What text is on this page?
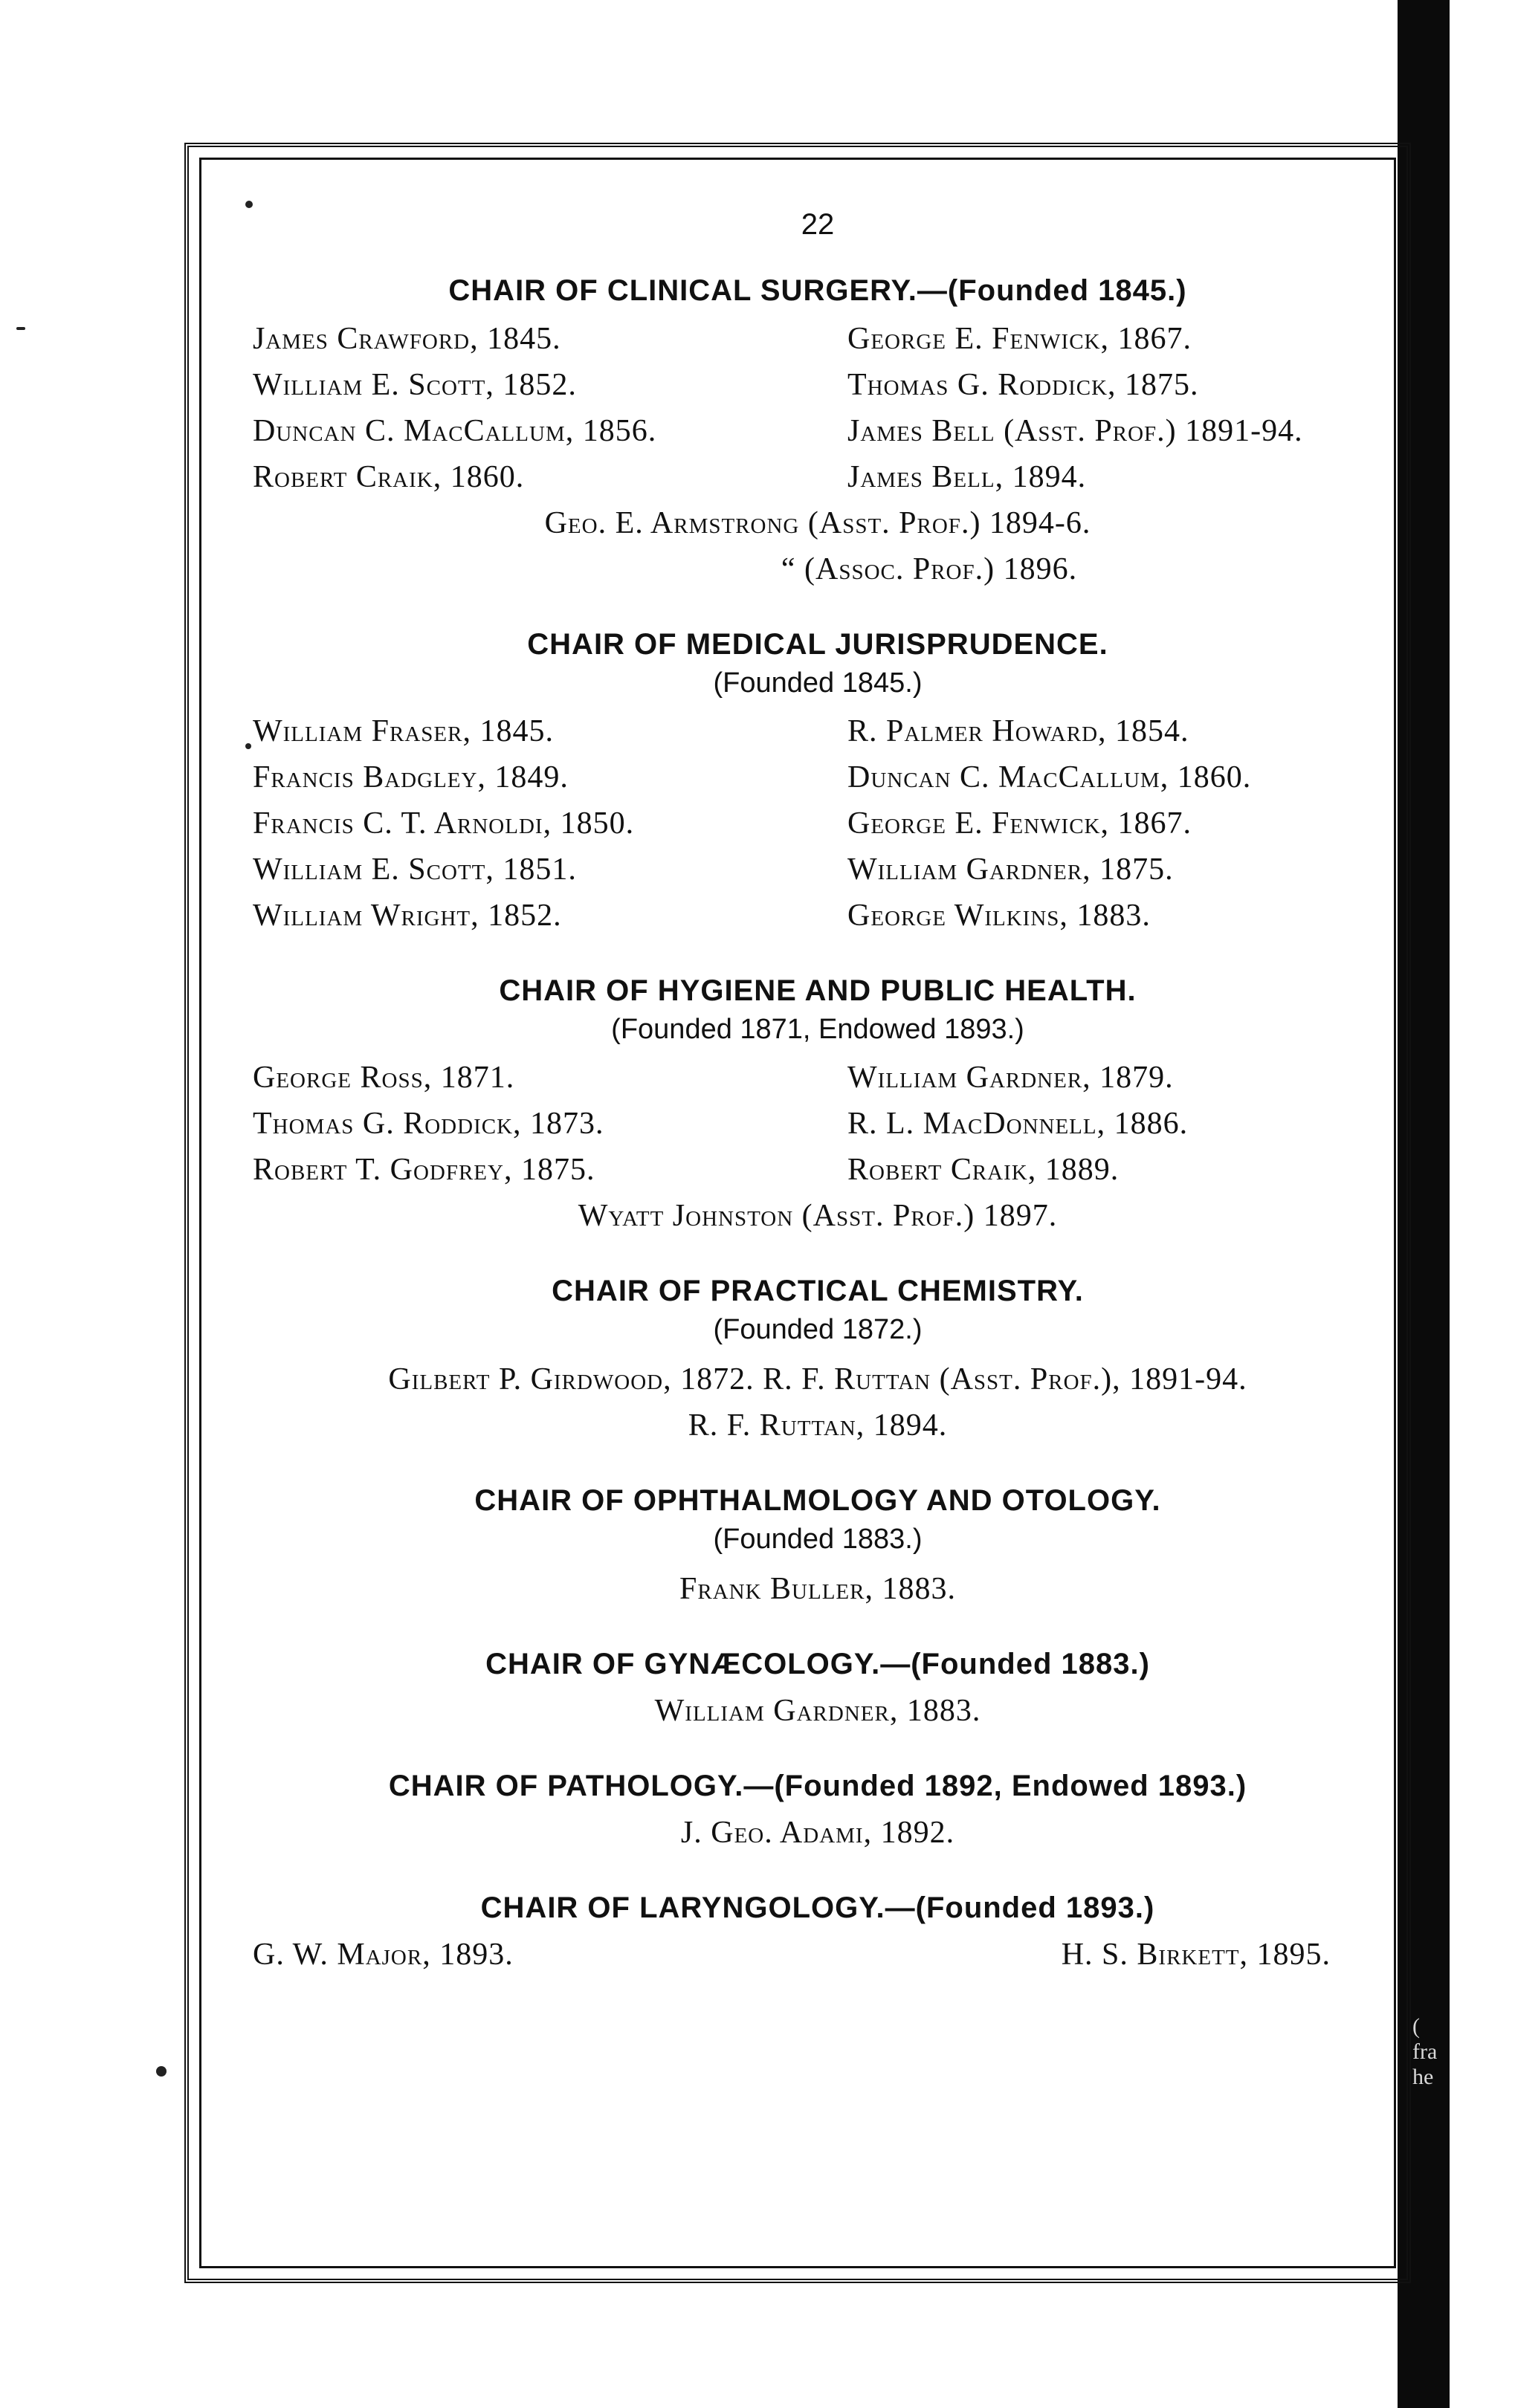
(
fra
he
22
CHAIR OF CLINICAL SURGERY.—(Founded 1845.)
James Crawford, 1845.	George E. Fenwick, 1867.
William E. Scott, 1852.	Thomas G. Roddick, 1875.
Duncan C. MacCallum, 1856.	James Bell (Asst. Prof.) 1891-94.
Robert Craik, 1860.	James Bell, 1894.
Geo. E. Armstrong (Asst. Prof.) 1894-6.
“ (Assoc. Prof.) 1896.
CHAIR OF MEDICAL JURISPRUDENCE.
(Founded 1845.)
William Fraser, 1845.	R. Palmer Howard, 1854.
Francis Badgley, 1849.	Duncan C. MacCallum, 1860.
Francis C. T. Arnoldi, 1850.	George E. Fenwick, 1867.
William E. Scott, 1851.	William Gardner, 1875.
William Wright, 1852.	George Wilkins, 1883.
CHAIR OF HYGIENE AND PUBLIC HEALTH.
(Founded 1871, Endowed 1893.)
George Ross, 1871.	William Gardner, 1879.
Thomas G. Roddick, 1873.	R. L. MacDonnell, 1886.
Robert T. Godfrey, 1875.	Robert Craik, 1889.
Wyatt Johnston (Asst. Prof.) 1897.
CHAIR OF PRACTICAL CHEMISTRY.
(Founded 1872.)
Gilbert P. Girdwood, 1872. R. F. Ruttan (Asst. Prof.), 1891-94.
R. F. Ruttan, 1894.
CHAIR OF OPHTHALMOLOGY AND OTOLOGY.
(Founded 1883.)
Frank Buller, 1883.
CHAIR OF GYNÆCOLOGY.—(Founded 1883.)
William Gardner, 1883.
CHAIR OF PATHOLOGY.—(Founded 1892, Endowed 1893.)
J. Geo. Adami, 1892.
CHAIR OF LARYNGOLOGY.—(Founded 1893.)
G. W. Major, 1893.	H. S. Birkett, 1895.
